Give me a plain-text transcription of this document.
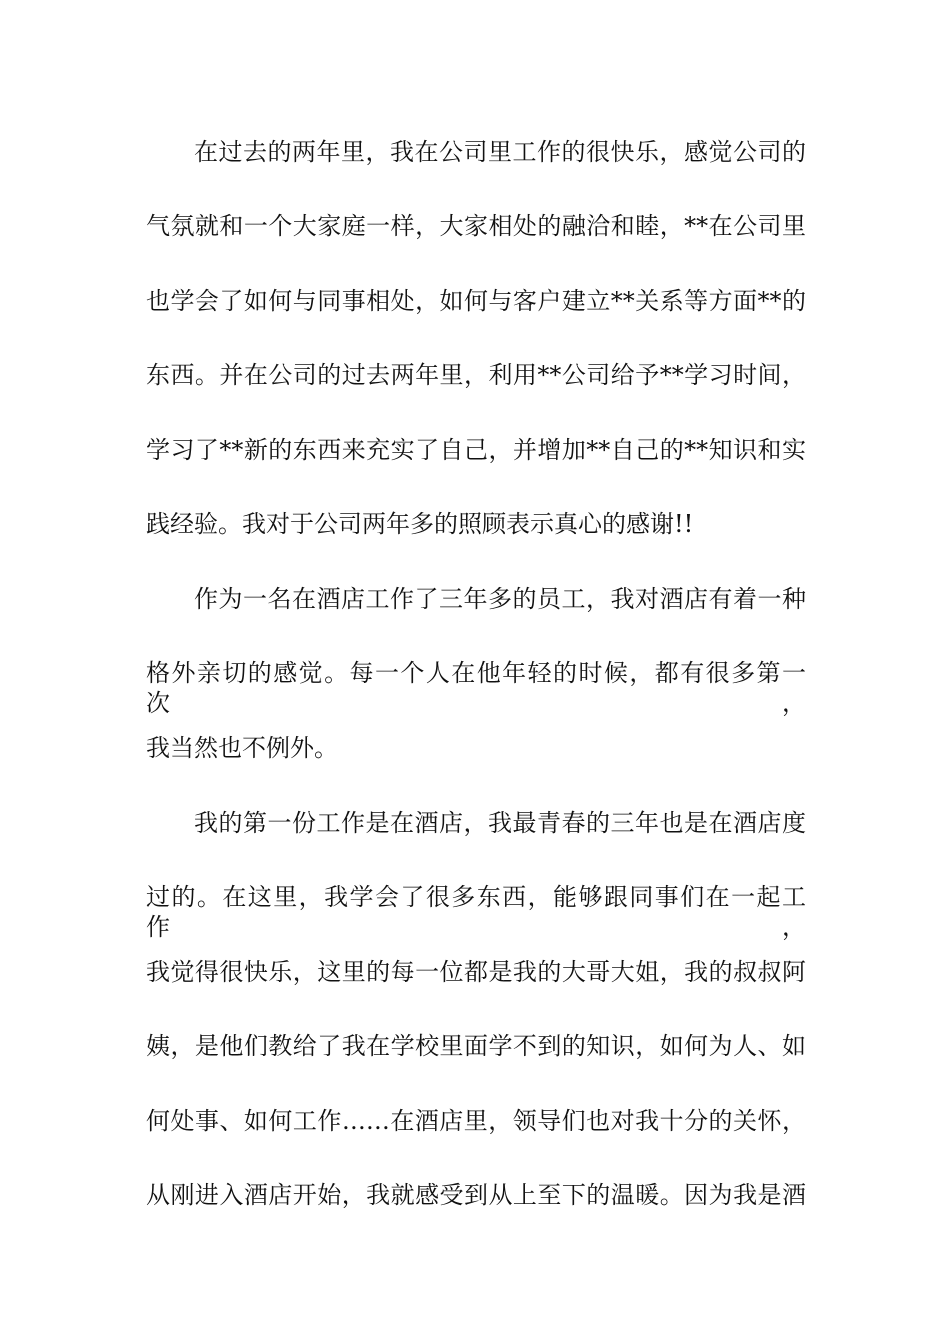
在过去的两年里，我在公司里工作的很快乐，感觉公司的
气氛就和一个大家庭一样，大家相处的融洽和睦，**在公司里
也学会了如何与同事相处，如何与客户建立**关系等方面**的
东西。并在公司的过去两年里，利用**公司给予**学习时间，
学习了**新的东西来充实了自己，并增加**自己的**知识和实
践经验。我对于公司两年多的照顾表示真心的感谢!!
作为一名在酒店工作了三年多的员工，我对酒店有着一种
格外亲切的感觉。每一个人在他年轻的时候，都有很多第一次，
我当然也不例外。
我的第一份工作是在酒店，我最青春的三年也是在酒店度
过的。在这里，我学会了很多东西，能够跟同事们在一起工作，
我觉得很快乐，这里的每一位都是我的大哥大姐，我的叔叔阿
姨，是他们教给了我在学校里面学不到的知识，如何为人、如
何处事、如何工作……在酒店里，领导们也对我十分的关怀，
从刚进入酒店开始，我就感受到从上至下的温暖。因为我是酒
